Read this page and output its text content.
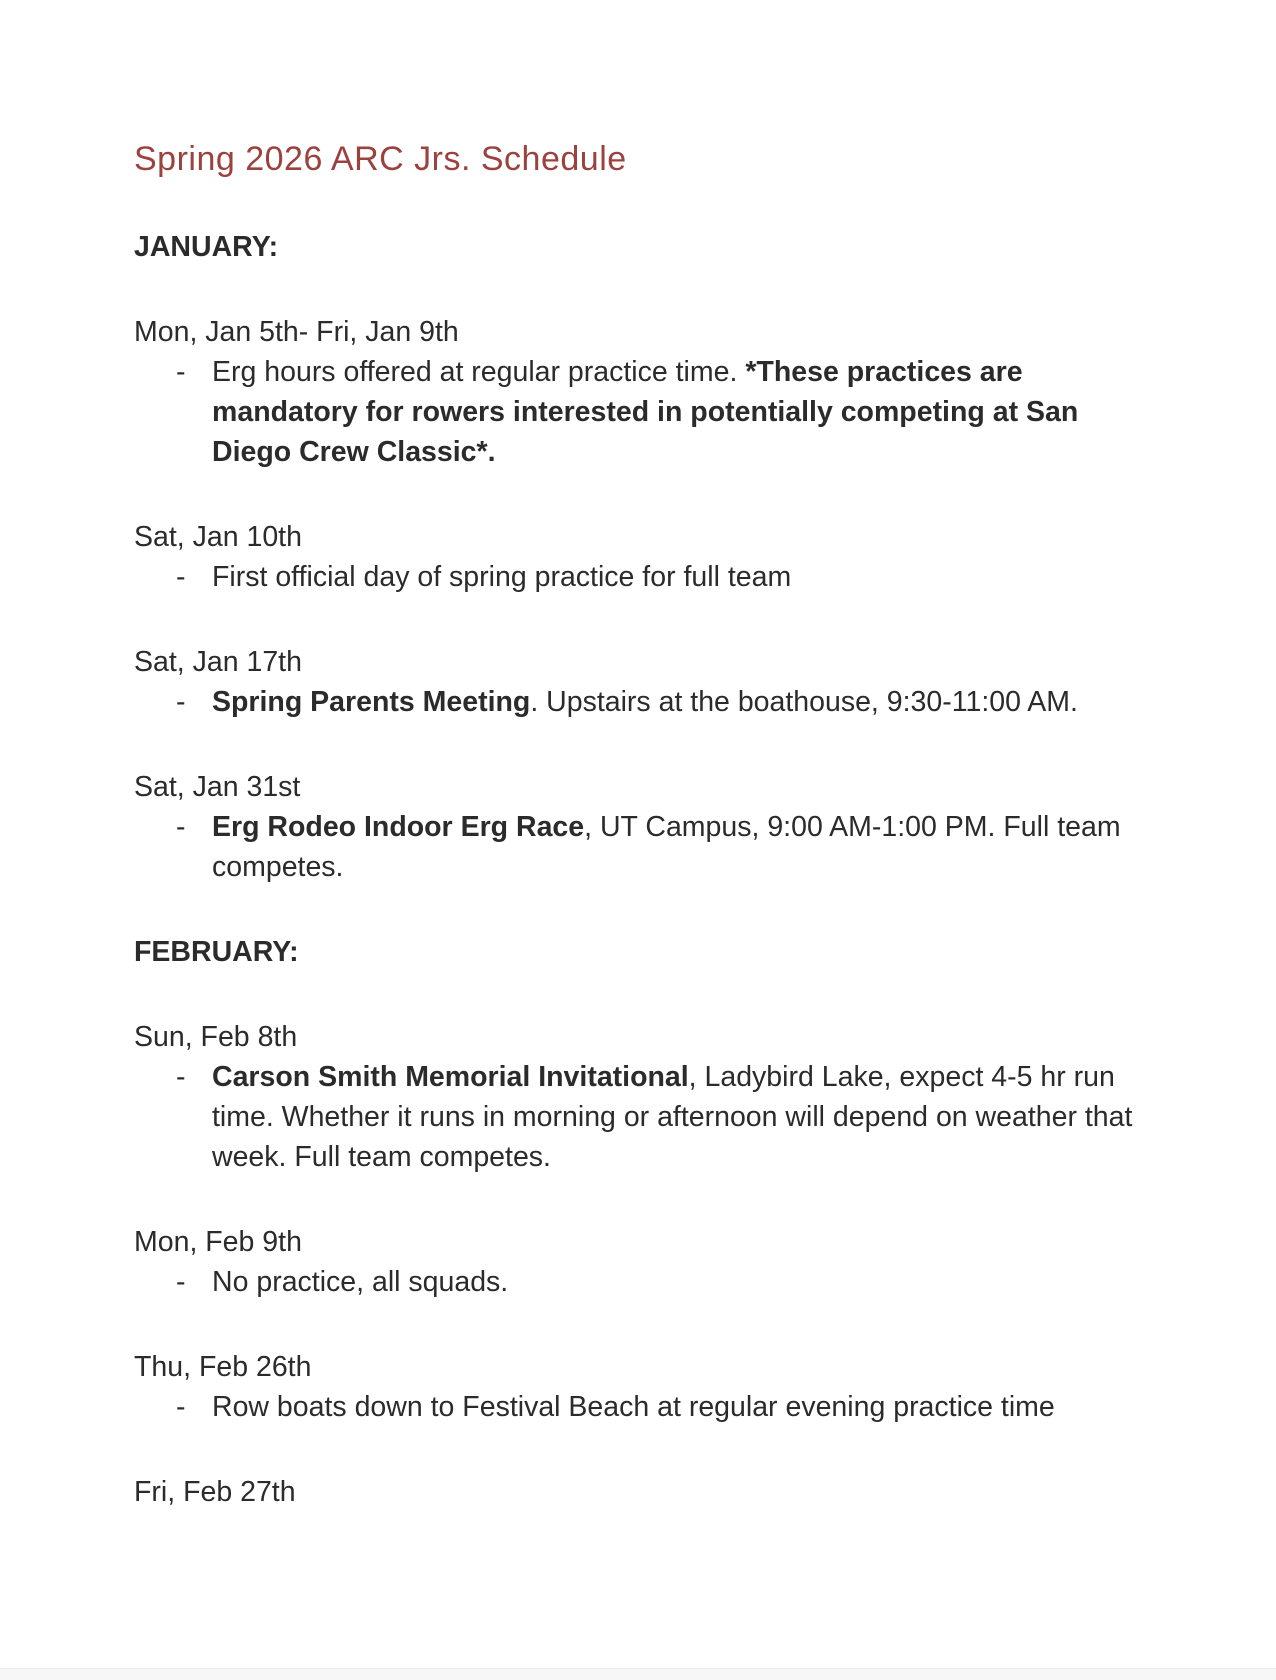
Spring 2026 ARC Jrs. Schedule
JANUARY:
Mon, Jan 5th- Fri, Jan 9th
- Erg hours offered at regular practice time. *These practices are mandatory for rowers interested in potentially competing at San Diego Crew Classic*.
Sat, Jan 10th
- First official day of spring practice for full team
Sat, Jan 17th
- Spring Parents Meeting. Upstairs at the boathouse, 9:30-11:00 AM.
Sat, Jan 31st
- Erg Rodeo Indoor Erg Race, UT Campus, 9:00 AM-1:00 PM. Full team competes.
FEBRUARY:
Sun, Feb 8th
- Carson Smith Memorial Invitational, Ladybird Lake, expect 4-5 hr run time. Whether it runs in morning or afternoon will depend on weather that week. Full team competes.
Mon, Feb 9th
- No practice, all squads.
Thu, Feb 26th
- Row boats down to Festival Beach at regular evening practice time
Fri, Feb 27th
